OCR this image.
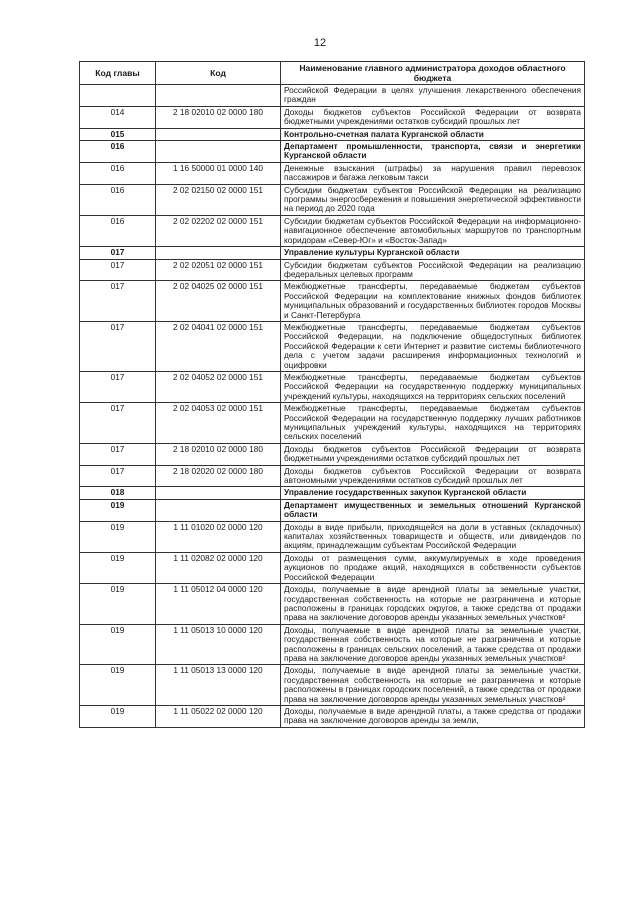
12
Код главы	Код	Наименование главного администратора доходов областного бюджета
		Российской Федерации в целях улучшения лекарственного обеспечения граждан
014	2 18 02010 02 0000 180	Доходы бюджетов субъектов Российской Федерации от возврата бюджетными учреждениями остатков субсидий прошлых лет
015		Контрольно-счетная палата Курганской области
016		Департамент промышленности, транспорта, связи и энергетики Курганской области
016	1 16 50000 01 0000 140	Денежные взыскания (штрафы) за нарушения правил перевозок пассажиров и багажа легковым такси
016	2 02 02150 02 0000 151	Субсидии бюджетам субъектов Российской Федерации на реализацию программы энергосбережения и повышения энергетической эффективности на период до 2020 года
016	2 02 02202 02 0000 151	Субсидии бюджетам субъектов Российской Федерации на информационно-навигационное обеспечение автомобильных маршрутов по транспортным коридорам «Север-Юг» и «Восток-Запад»
017		Управление культуры Курганской области
017	2 02 02051 02 0000 151	Субсидии бюджетам субъектов Российской Федерации на реализацию федеральных целевых программ
017	2 02 04025 02 0000 151	Межбюджетные трансферты, передаваемые бюджетам субъектов Российской Федерации на комплектование книжных фондов библиотек муниципальных образований и государственных библиотек городов Москвы и Санкт-Петербурга
017	2 02 04041 02 0000 151	Межбюджетные трансферты, передаваемые бюджетам субъектов Российской Федерации, на подключение общедоступных библиотек Российской Федерации к сети Интернет и развитие системы библиотечного дела с учетом задачи расширения информационных технологий и оцифровки
017	2 02 04052 02 0000 151	Межбюджетные трансферты, передаваемые бюджетам субъектов Российской Федерации на государственную поддержку муниципальных учреждений культуры, находящихся на территориях сельских поселений
017	2 02 04053 02 0000 151	Межбюджетные трансферты, передаваемые бюджетам субъектов Российской Федерации на государственную поддержку лучших работников муниципальных учреждений культуры, находящихся на территориях сельских поселений
017	2 18 02010 02 0000 180	Доходы бюджетов субъектов Российской Федерации от возврата бюджетными учреждениями остатков субсидий прошлых лет
017	2 18 02020 02 0000 180	Доходы бюджетов субъектов Российской Федерации от возврата автономными учреждениями остатков субсидий прошлых лет
018		Управление государственных закупок Курганской области
019		Департамент имущественных и земельных отношений Курганской области
019	1 11 01020 02 0000 120	Доходы в виде прибыли, приходящейся на доли в уставных (складочных) капиталах хозяйственных товариществ и обществ, или дивидендов по акциям, принадлежащим субъектам Российской Федерации
019	1 11 02082 02 0000 120	Доходы от размещения сумм, аккумулируемых в ходе проведения аукционов по продаже акций, находящихся в собственности субъектов Российской Федерации
019	1 11 05012 04 0000 120	Доходы, получаемые в виде арендной платы за земельные участки, государственная собственность на которые не разграничена и которые расположены в границах городских округов, а также средства от продажи права на заключение договоров аренды указанных земельных участков²
019	1 11 05013 10 0000 120	Доходы, получаемые в виде арендной платы за земельные участки, государственная собственность на которые не разграничена и которые расположены в границах сельских поселений, а также средства от продажи права на заключение договоров аренды указанных земельных участков²
019	1 11 05013 13 0000 120	Доходы, получаемые в виде арендной платы за земельные участки, государственная собственность на которые не разграничена и которые расположены в границах городских поселений, а также средства от продажи права на заключение договоров аренды указанных земельных участков²
019	1 11 05022 02 0000 120	Доходы, получаемые в виде арендной платы, а также средства от продажи права на заключение договоров аренды за земли,
